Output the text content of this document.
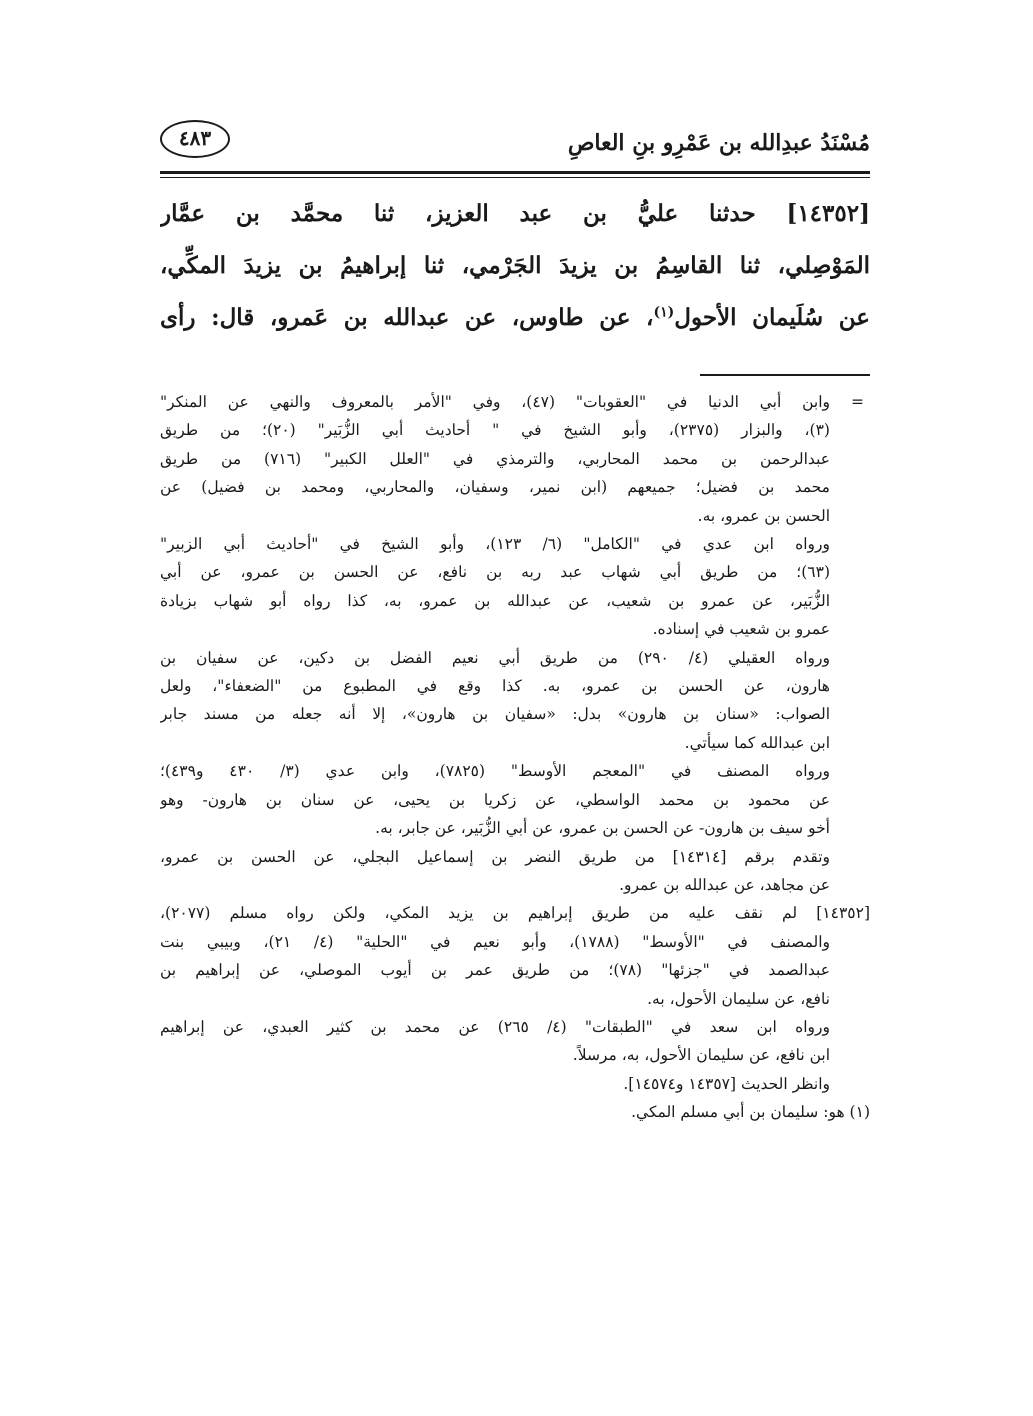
مُسْنَدُ عبدِالله بن عَمْرِو بنِ العاصِ
٤٨٣
[١٤٣٥٢] حدثنا عليُّ بن عبد العزيز، ثنا محمَّد بن عمَّار
المَوْصِلي، ثنا القاسِمُ بن يزيدَ الجَرْمي، ثنا إبراهيمُ بن يزيدَ المكِّي،
عن سُلَيمان الأحول$^{(١)}$، عن طاوس، عن عبدالله بن عَمرو، قال: رأى
=
وابن أبي الدنيا في "العقوبات" (٤٧)، وفي "الأمر بالمعروف والنهي عن المنكر"
(٣)، والبزار (٢٣٧٥)، وأبو الشيخ في " أحاديث أبي الزُّبَير" (٢٠)؛ من طريق
عبدالرحمن بن محمد المحاربي، والترمذي في "العلل الكبير" (٧١٦) من طريق
محمد بن فضيل؛ جميعهم (ابن نمير، وسفيان، والمحاربي، ومحمد بن فضيل) عن
الحسن بن عمرو، به.
ورواه ابن عدي في "الكامل" (٦/ ١٢٣)، وأبو الشيخ في "أحاديث أبي الزبير"
(٦٣)؛ من طريق أبي شهاب عبد ربه بن نافع، عن الحسن بن عمرو، عن أبي
الزُّبَير، عن عمرو بن شعيب، عن عبدالله بن عمرو، به، كذا رواه أبو شهاب بزيادة
عمرو بن شعيب في إسناده.
ورواه العقيلي (٤/ ٢٩٠) من طريق أبي نعيم الفضل بن دكين، عن سفيان بن
هارون، عن الحسن بن عمرو، به. كذا وقع في المطبوع من "الضعفاء"، ولعل
الصواب: «سنان بن هارون» بدل: «سفيان بن هارون»، إلا أنه جعله من مسند جابر
ابن عبدالله كما سيأتي.
ورواه المصنف في "المعجم الأوسط" (٧٨٢٥)، وابن عدي (٣/ ٤٣٠ و٤٣٩)؛
عن محمود بن محمد الواسطي، عن زكريا بن يحيى، عن سنان بن هارون- وهو
أخو سيف بن هارون- عن الحسن بن عمرو، عن أبي الزُّبَير، عن جابر، به.
وتقدم برقم [١٤٣١٤] من طريق النضر بن إسماعيل البجلي، عن الحسن بن عمرو،
عن مجاهد، عن عبدالله بن عمرو.
[١٤٣٥٢] لم نقف عليه من طريق إبراهيم بن يزيد المكي، ولكن رواه مسلم (٢٠٧٧)،
والمصنف في "الأوسط" (١٧٨٨)، وأبو نعيم في "الحلية" (٤/ ٢١)، وبيبي بنت
عبدالصمد في "جزئها" (٧٨)؛ من طريق عمر بن أيوب الموصلي، عن إبراهيم بن
نافع، عن سليمان الأحول، به.
ورواه ابن سعد في "الطبقات" (٤/ ٢٦٥) عن محمد بن كثير العبدي، عن إبراهيم
ابن نافع، عن سليمان الأحول، به، مرسلاً.
وانظر الحديث [١٤٣٥٧ و١٤٥٧٤].
(١) هو: سليمان بن أبي مسلم المكي.
